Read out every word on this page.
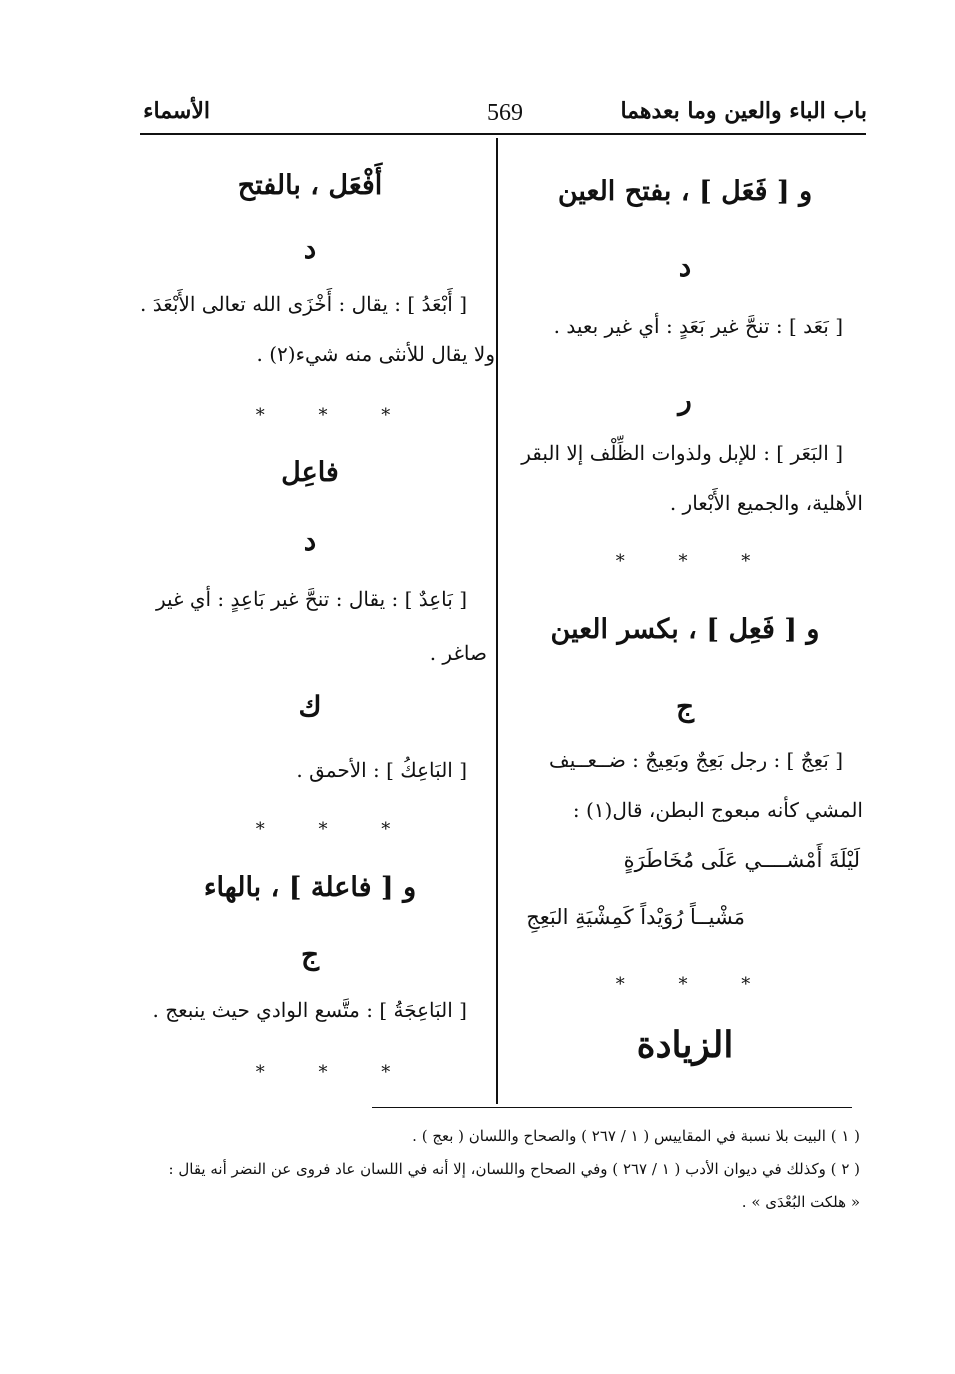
باب الباء والعين وما بعدهما
569
الأسماء
و [ فَعَل ] ، بفتح العين
د
[ بَعَد ] : تنحَّ غير بَعَدٍ : أي غير بعيد .
ر
[ البَعَر ] : للإبل ولذوات الظِّلْف إلا البقر
الأهلية، والجميع الأَبْعار .
* * *
و [ فَعِل ] ، بكسر العين
ج
[ بَعِجٌ ] : رجل بَعِجٌ وبَعِيجٌ : ضــعــيف
المشي كأنه مبعوج البطن، قال(١) :
لَيْلَةَ أَمْشــــي عَلَى مُخَاطَرَةٍ
مَشْيــاً رُوَيْداً كَمِشْيَةِ البَعِجِ
* * *
الزيادة
أَفْعَل ، بالفتح
د
[ أَبْعَدُ ] : يقال : أَخْزَى الله تعالى الأَبْعَدَ .
ولا يقال للأنثى منه شيء(٢) .
* * *
فاعِل
د
[ بَاعِدٌ ] : يقال : تنحَّ غير بَاعِدٍ : أي غير
صاغر .
ك
[ البَاعِكُ ] : الأحمق .
* * *
و [ فاعلة ] ، بالهاء
ج
[ البَاعِجَةُ ] : متَّسع الوادي حيث ينبعج .
* * *
( ١ ) البيت بلا نسبة في المقاييس ( ١ / ٢٦٧ ) والصحاح واللسان ( بعج ) .
( ٢ ) وكذلك في ديوان الأدب ( ١ / ٢٦٧ ) وفي الصحاح واللسان، إلا أنه في اللسان عاد فروى عن النضر أنه يقال :
« هلكت البُعْدَى » .
